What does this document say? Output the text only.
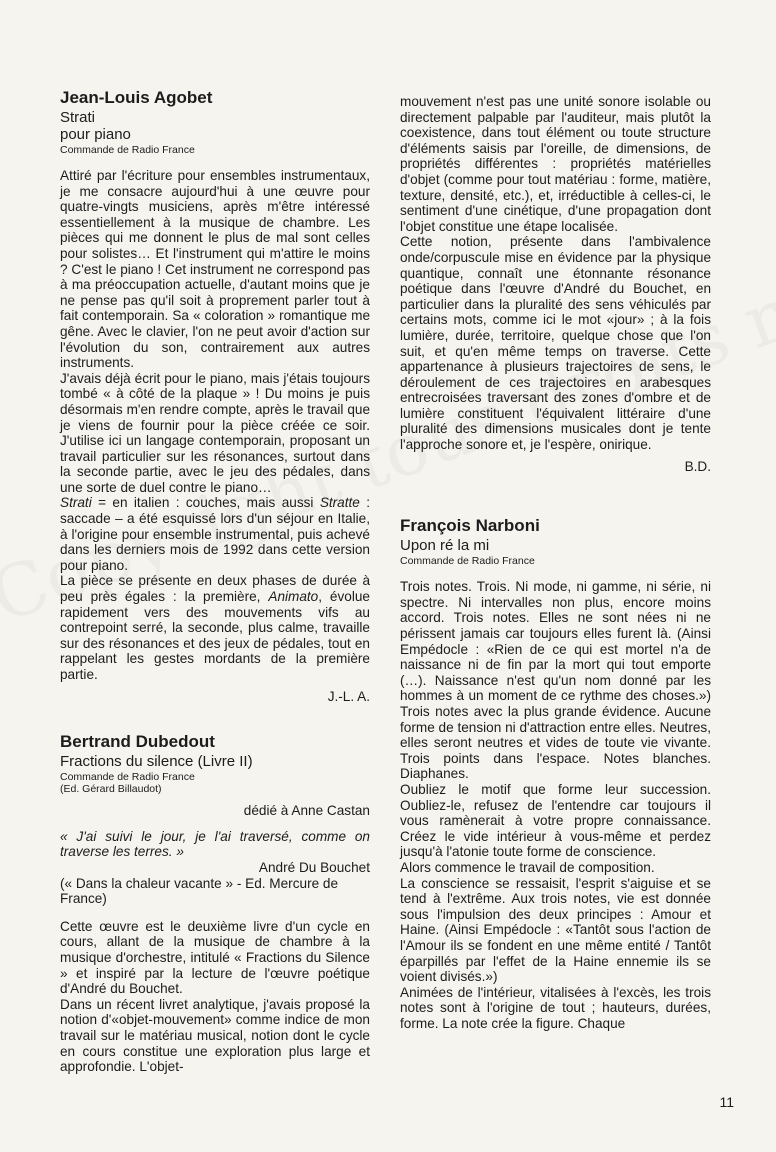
Jean-Louis Agobet

Strati

pour piano

Commande de Radio France

Attiré par l'écriture pour ensembles instrumentaux, je me consacre aujourd'hui à une œuvre pour quatre-vingts musiciens, après m'être intéressé essentiellement à la musique de chambre. Les pièces qui me donnent le plus de mal sont celles pour solistes… Et l'instrument qui m'attire le moins ? C'est le piano ! Cet instrument ne correspond pas à ma préoccupation actuelle, d'autant moins que je ne pense pas qu'il soit à proprement parler tout à fait contemporain. Sa « coloration » romantique me gêne. Avec le clavier, l'on ne peut avoir d'action sur l'évolution du son, contrairement aux autres instruments.

J'avais déjà écrit pour le piano, mais j'étais toujours tombé « à côté de la plaque » ! Du moins je puis désormais m'en rendre compte, après le travail que je viens de fournir pour la pièce créée ce soir. J'utilise ici un langage contemporain, proposant un travail particulier sur les résonances, surtout dans la seconde partie, avec le jeu des pédales, dans une sorte de duel contre le piano…

Strati = en italien : couches, mais aussi Stratte : saccade – a été esquissé lors d'un séjour en Italie, à l'origine pour ensemble instrumental, puis achevé dans les derniers mois de 1992 dans cette version pour piano.

La pièce se présente en deux phases de durée à peu près égales : la première, Animato, évolue rapidement vers des mouvements vifs au contrepoint serré, la seconde, plus calme, travaille sur des résonances et des jeux de pédales, tout en rappelant les gestes mordants de la première partie.

J.-L. A.

Bertrand Dubedout

Fractions du silence (Livre II)

Commande de Radio France

(Ed. Gérard Billaudot)

dédié à Anne Castan

« J'ai suivi le jour, je l'ai traversé, comme on traverse les terres. »

André Du Bouchet

(« Dans la chaleur vacante » - Ed. Mercure de France)

Cette œuvre est le deuxième livre d'un cycle en cours, allant de la musique de chambre à la musique d'orchestre, intitulé « Fractions du Silence » et inspiré par la lecture de l'œuvre poétique d'André du Bouchet.

Dans un récent livret analytique, j'avais proposé la notion d'«objet-mouvement» comme indice de mon travail sur le matériau musical, notion dont le cycle en cours constitue une exploration plus large et approfondie. L'objet-

mouvement n'est pas une unité sonore isolable ou directement palpable par l'auditeur, mais plutôt la coexistence, dans tout élément ou toute structure d'éléments saisis par l'oreille, de dimensions, de propriétés différentes : propriétés matérielles d'objet (comme pour tout matériau : forme, matière, texture, densité, etc.), et, irréductible à celles-ci, le sentiment d'une cinétique, d'une propagation dont l'objet constitue une étape localisée.

Cette notion, présente dans l'ambivalence onde/corpuscule mise en évidence par la physique quantique, connaît une étonnante résonance poétique dans l'œuvre d'André du Bouchet, en particulier dans la pluralité des sens véhiculés par certains mots, comme ici le mot «jour» ; à la fois lumière, durée, territoire, quelque chose que l'on suit, et qu'en même temps on traverse. Cette appartenance à plusieurs trajectoires de sens, le déroulement de ces trajectoires en arabesques entrecroisées traversant des zones d'ombre et de lumière constituent l'équivalent littéraire d'une pluralité des dimensions musicales dont je tente l'approche sonore et, je l'espère, onirique.

B.D.

François Narboni

Upon ré la mi

Commande de Radio France

Trois notes. Trois. Ni mode, ni gamme, ni série, ni spectre. Ni intervalles non plus, encore moins accord. Trois notes. Elles ne sont nées ni ne périssent jamais car toujours elles furent là. (Ainsi Empédocle : «Rien de ce qui est mortel n'a de naissance ni de fin par la mort qui tout emporte (…). Naissance n'est qu'un nom donné par les hommes à un moment de ce rythme des choses.») Trois notes avec la plus grande évidence. Aucune forme de tension ni d'attraction entre elles. Neutres, elles seront neutres et vides de toute vie vivante. Trois points dans l'espace. Notes blanches. Diaphanes.

Oubliez le motif que forme leur succession. Oubliez-le, refusez de l'entendre car toujours il vous ramènerait à votre propre connaissance. Créez le vide intérieur à vous-même et perdez jusqu'à l'atonie toute forme de conscience.

Alors commence le travail de composition.

La conscience se ressaisit, l'esprit s'aiguise et se tend à l'extrême. Aux trois notes, vie est donnée sous l'impulsion des deux principes : Amour et Haine. (Ainsi Empédocle : «Tantôt sous l'action de l'Amour ils se fondent en une même entité / Tantôt éparpillés par l'effet de la Haine ennemie ils se voient divisés.»)

Animées de l'intérieur, vitalisées à l'excès, les trois notes sont à l'origine de tout ; hauteurs, durées, forme. La note crée la figure. Chaque

11
